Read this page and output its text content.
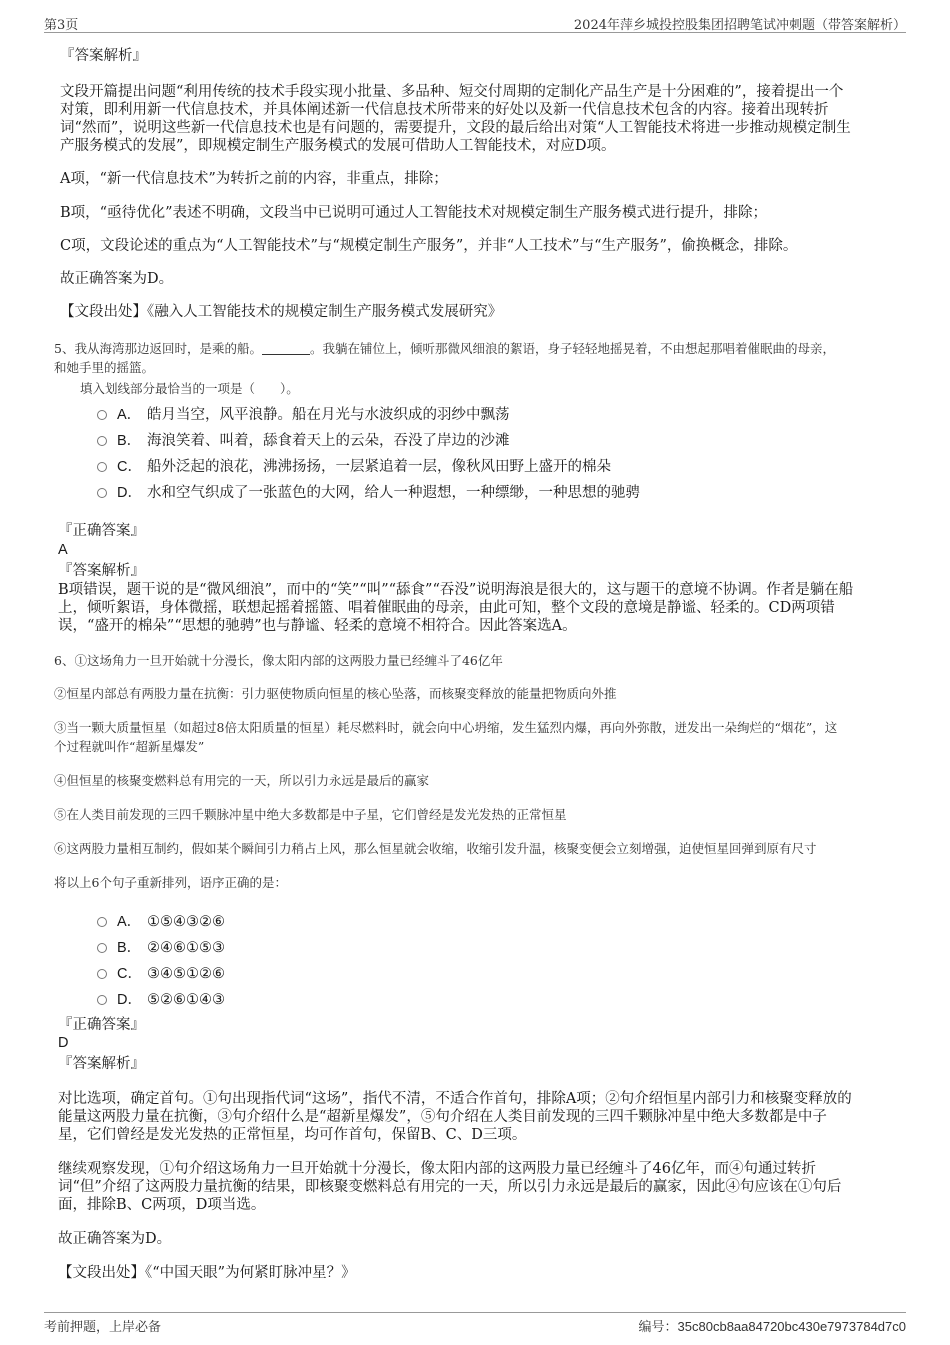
第3页	2024年萍乡城投控股集团招聘笔试冲刺题（带答案解析）
『答案解析』
文段开篇提出问题“利用传统的技术手段实现小批量、多品种、短交付周期的定制化产品生产是十分困难的”，接着提出一个
对策，即利用新一代信息技术，并具体阐述新一代信息技术所带来的好处以及新一代信息技术包含的内容。接着出现转折
词“然而”，说明这些新一代信息技术也是有问题的，需要提升，文段的最后给出对策“人工智能技术将进一步推动规模定制生
产服务模式的发展”，即规模定制生产服务模式的发展可借助人工智能技术，对应D项。
A项，“新一代信息技术”为转折之前的内容，非重点，排除；
B项，“亟待优化”表述不明确，文段当中已说明可通过人工智能技术对规模定制生产服务模式进行提升，排除；
C项，文段论述的重点为“人工智能技术”与“规模定制生产服务”，并非“人工技术”与“生产服务”，偷换概念，排除。
故正确答案为D。
【文段出处】《融入人工智能技术的规模定制生产服务模式发展研究》
5、我从海湾那边返回时，是乘的船。	。我躺在铺位上，倾听那微风细浪的絮语，身子轻轻地摇晃着，不由想起那唱着催眠曲的母亲，
和她手里的摇篮。
填入划线部分最恰当的一项是（　　）。
A． 皓月当空，风平浪静。船在月光与水波织成的羽纱中飘荡
B． 海浪笑着、叫着，舔食着天上的云朵，吞没了岸边的沙滩
C． 船外泛起的浪花，沸沸扬扬，一层紧追着一层，像秋风田野上盛开的棉朵
D． 水和空气织成了一张蓝色的大网，给人一种遐想，一种缥缈，一种思想的驰骋
『正确答案』
A
『答案解析』
B项错误，题干说的是“微风细浪”，而中的“笑”“叫”“舔食”“吞没”说明海浪是很大的，这与题干的意境不协调。作者是躺在船
上，倾听絮语，身体微摇，联想起摇着摇篮、唱着催眠曲的母亲，由此可知，整个文段的意境是静谧、轻柔的。CD两项错
误，“盛开的棉朵”“思想的驰骋”也与静谧、轻柔的意境不相符合。因此答案选A。
6、①这场角力一旦开始就十分漫长，像太阳内部的这两股力量已经缠斗了46亿年
②恒星内部总有两股力量在抗衡：引力驱使物质向恒星的核心坠落，而核聚变释放的能量把物质向外推
③当一颗大质量恒星（如超过8倍太阳质量的恒星）耗尽燃料时，就会向中心坍缩，发生猛烈内爆，再向外弥散，迸发出一朵绚烂的“烟花”，这
个过程就叫作“超新星爆发”
④但恒星的核聚变燃料总有用完的一天，所以引力永远是最后的赢家
⑤在人类目前发现的三四千颗脉冲星中绝大多数都是中子星，它们曾经是发光发热的正常恒星
⑥这两股力量相互制约，假如某个瞬间引力稍占上风，那么恒星就会收缩，收缩引发升温，核聚变便会立刻增强，迫使恒星回弹到原有尺寸
将以上6个句子重新排列，语序正确的是：
A． ①⑤④③②⑥
B． ②④⑥①⑤③
C． ③④⑤①②⑥
D． ⑤②⑥①④③
『正确答案』
D
『答案解析』
对比选项，确定首句。①句出现指代词“这场”，指代不清，不适合作首句，排除A项；②句介绍恒星内部引力和核聚变释放的
能量这两股力量在抗衡，③句介绍什么是“超新星爆发”，⑤句介绍在人类目前发现的三四千颗脉冲星中绝大多数都是中子
星，它们曾经是发光发热的正常恒星，均可作首句，保留B、C、D三项。
继续观察发现，①句介绍这场角力一旦开始就十分漫长，像太阳内部的这两股力量已经缠斗了46亿年，而④句通过转折
词“但”介绍了这两股力量抗衡的结果，即核聚变燃料总有用完的一天，所以引力永远是最后的赢家，因此④句应该在①句后
面，排除B、C两项，D项当选。
故正确答案为D。
【文段出处】《“中国天眼”为何紧盯脉冲星？》
考前押题，上岸必备	编号：35c80cb8aa84720bc430e7973784d7c0
